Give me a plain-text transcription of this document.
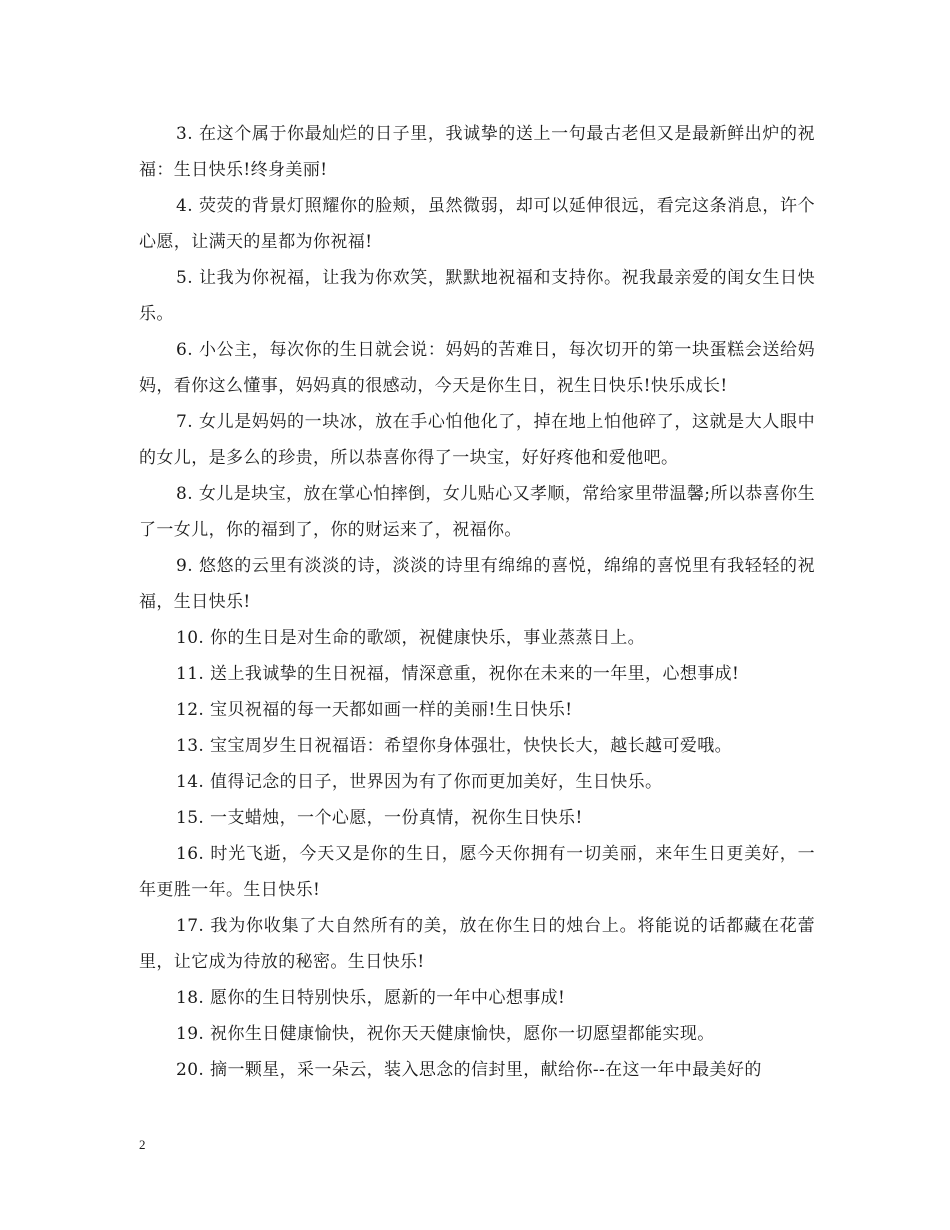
3. 在这个属于你最灿烂的日子里，我诚挚的送上一句最古老但又是最新鲜出炉的祝福：生日快乐!终身美丽!

4. 荧荧的背景灯照耀你的脸颊，虽然微弱，却可以延伸很远，看完这条消息，许个心愿，让满天的星都为你祝福!

5. 让我为你祝福，让我为你欢笑，默默地祝福和支持你。祝我最亲爱的闺女生日快乐。

6. 小公主，每次你的生日就会说：妈妈的苦难日，每次切开的第一块蛋糕会送给妈妈，看你这么懂事，妈妈真的很感动，今天是你生日，祝生日快乐!快乐成长!

7. 女儿是妈妈的一块冰，放在手心怕他化了，掉在地上怕他碎了，这就是大人眼中的女儿，是多么的珍贵，所以恭喜你得了一块宝，好好疼他和爱他吧。

8. 女儿是块宝，放在掌心怕摔倒，女儿贴心又孝顺，常给家里带温馨;所以恭喜你生了一女儿，你的福到了，你的财运来了，祝福你。

9. 悠悠的云里有淡淡的诗，淡淡的诗里有绵绵的喜悦，绵绵的喜悦里有我轻轻的祝福，生日快乐!

10. 你的生日是对生命的歌颂，祝健康快乐，事业蒸蒸日上。

11. 送上我诚挚的生日祝福，情深意重，祝你在未来的一年里，心想事成!

12. 宝贝祝福的每一天都如画一样的美丽!生日快乐!

13. 宝宝周岁生日祝福语：希望你身体强壮，快快长大，越长越可爱哦。

14. 值得记念的日子，世界因为有了你而更加美好，生日快乐。

15. 一支蜡烛，一个心愿，一份真情，祝你生日快乐!

16. 时光飞逝，今天又是你的生日，愿今天你拥有一切美丽，来年生日更美好，一年更胜一年。生日快乐!

17. 我为你收集了大自然所有的美，放在你生日的烛台上。将能说的话都藏在花蕾里，让它成为待放的秘密。生日快乐!

18. 愿你的生日特别快乐，愿新的一年中心想事成!

19. 祝你生日健康愉快，祝你天天健康愉快，愿你一切愿望都能实现。

20. 摘一颗星，采一朵云，装入思念的信封里，献给你--在这一年中最美好的

2
